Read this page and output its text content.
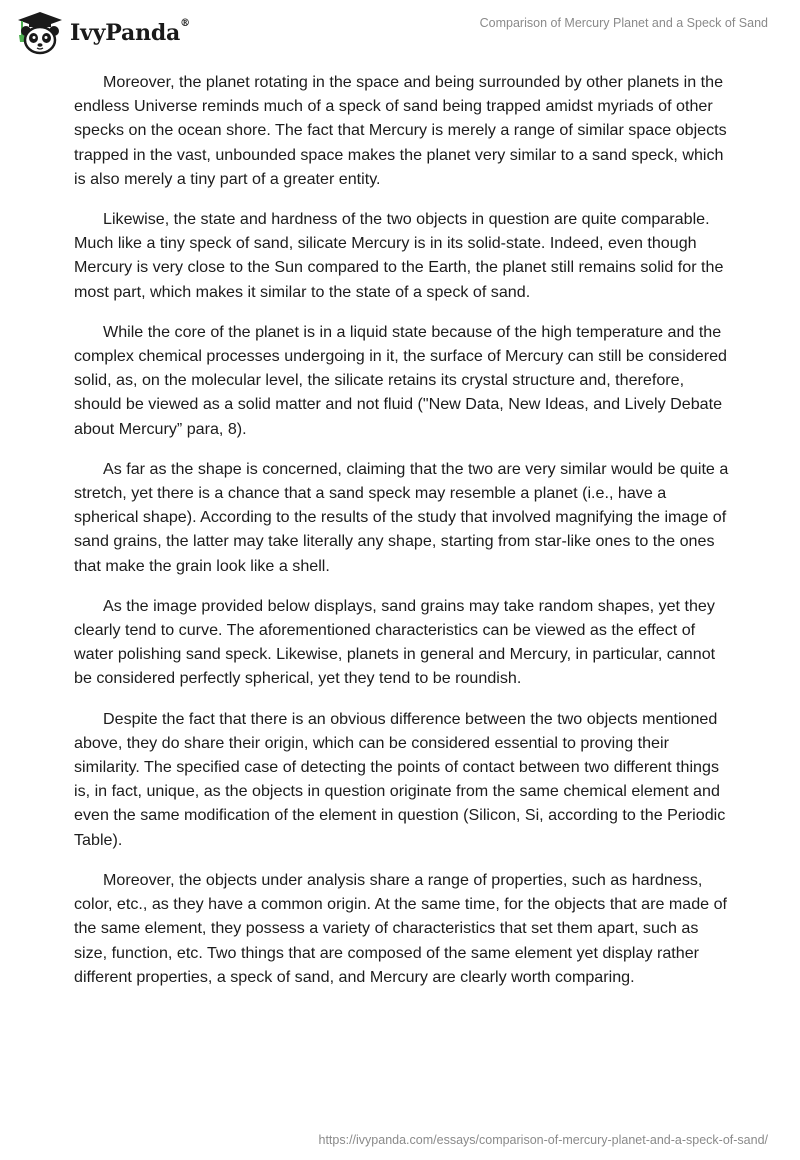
IvyPanda®	Comparison of Mercury Planet and a Speck of Sand

Moreover, the planet rotating in the space and being surrounded by other planets in the endless Universe reminds much of a speck of sand being trapped amidst myriads of other specks on the ocean shore. The fact that Mercury is merely a range of similar space objects trapped in the vast, unbounded space makes the planet very similar to a sand speck, which is also merely a tiny part of a greater entity.

Likewise, the state and hardness of the two objects in question are quite comparable. Much like a tiny speck of sand, silicate Mercury is in its solid-state. Indeed, even though Mercury is very close to the Sun compared to the Earth, the planet still remains solid for the most part, which makes it similar to the state of a speck of sand.

While the core of the planet is in a liquid state because of the high temperature and the complex chemical processes undergoing in it, the surface of Mercury can still be considered solid, as, on the molecular level, the silicate retains its crystal structure and, therefore, should be viewed as a solid matter and not fluid ("New Data, New Ideas, and Lively Debate about Mercury” para, 8).

As far as the shape is concerned, claiming that the two are very similar would be quite a stretch, yet there is a chance that a sand speck may resemble a planet (i.e., have a spherical shape). According to the results of the study that involved magnifying the image of sand grains, the latter may take literally any shape, starting from star-like ones to the ones that make the grain look like a shell.

As the image provided below displays, sand grains may take random shapes, yet they clearly tend to curve. The aforementioned characteristics can be viewed as the effect of water polishing sand speck. Likewise, planets in general and Mercury, in particular, cannot be considered perfectly spherical, yet they tend to be roundish.

Despite the fact that there is an obvious difference between the two objects mentioned above, they do share their origin, which can be considered essential to proving their similarity. The specified case of detecting the points of contact between two different things is, in fact, unique, as the objects in question originate from the same chemical element and even the same modification of the element in question (Silicon, Si, according to the Periodic Table).

Moreover, the objects under analysis share a range of properties, such as hardness, color, etc., as they have a common origin. At the same time, for the objects that are made of the same element, they possess a variety of characteristics that set them apart, such as size, function, etc. Two things that are composed of the same element yet display rather different properties, a speck of sand, and Mercury are clearly worth comparing.

https://ivypanda.com/essays/comparison-of-mercury-planet-and-a-speck-of-sand/
